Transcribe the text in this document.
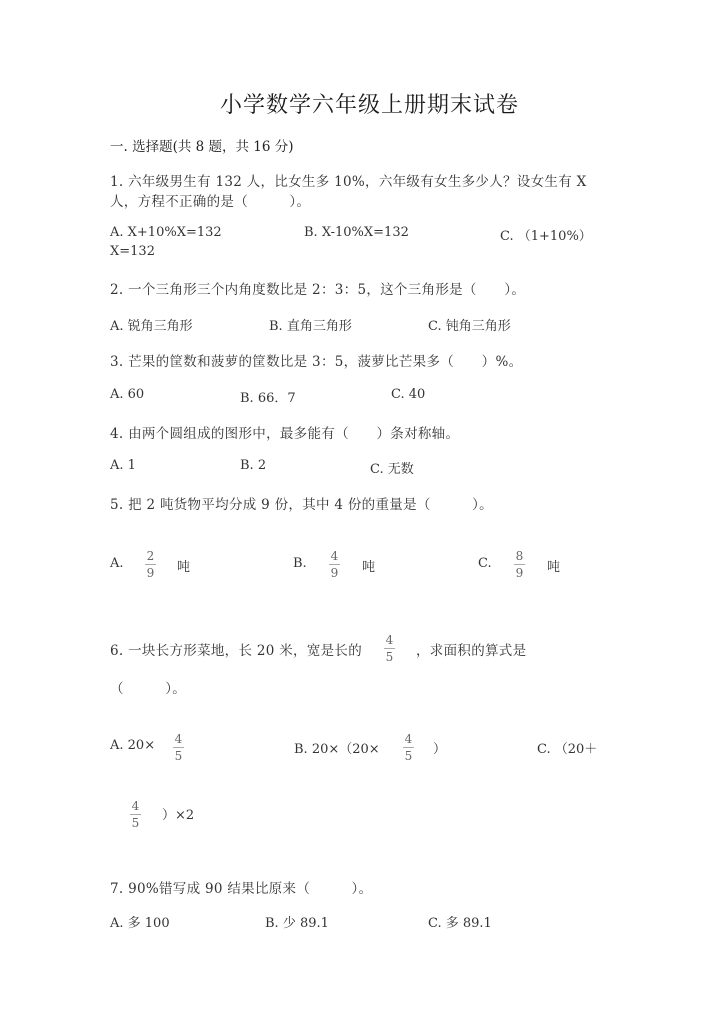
小学数学六年级上册期末试卷
一. 选择题(共 8 题，共 16 分)
1. 六年级男生有 132 人，比女生多 10%，六年级有女生多少人？设女生有 X
人，方程不正确的是（　　　）。
A. X+10%X=132	B. X-10%X=132	C. （1+10%）
X=132
2. 一个三角形三个内角度数比是 2：3：5，这个三角形是（　　）。
A. 锐角三角形	B. 直角三角形	C. 钝角三角形
3. 芒果的筐数和菠萝的筐数比是 3：5，菠萝比芒果多（　　）%。
A. 60	B. 66．7	C. 40
4. 由两个圆组成的图形中，最多能有（　　）条对称轴。
A. 1	B. 2	C. 无数
5. 把 2 吨货物平均分成 9 份，其中 4 份的重量是（　　　）。
A. 2
9 吨	B. 4
9 吨	C. 8
9 吨
6. 一块长方形菜地，长 20 米，宽是长的
4
5 ，求面积的算式是
（　　　）。
A. 20× 4
5	B. 20×（20×
4
5 ）	C. （20＋
4
5 ）×2
7. 90%错写成 90 结果比原来（　　　）。
A. 多 100	B. 少 89.1	C. 多 89.1
